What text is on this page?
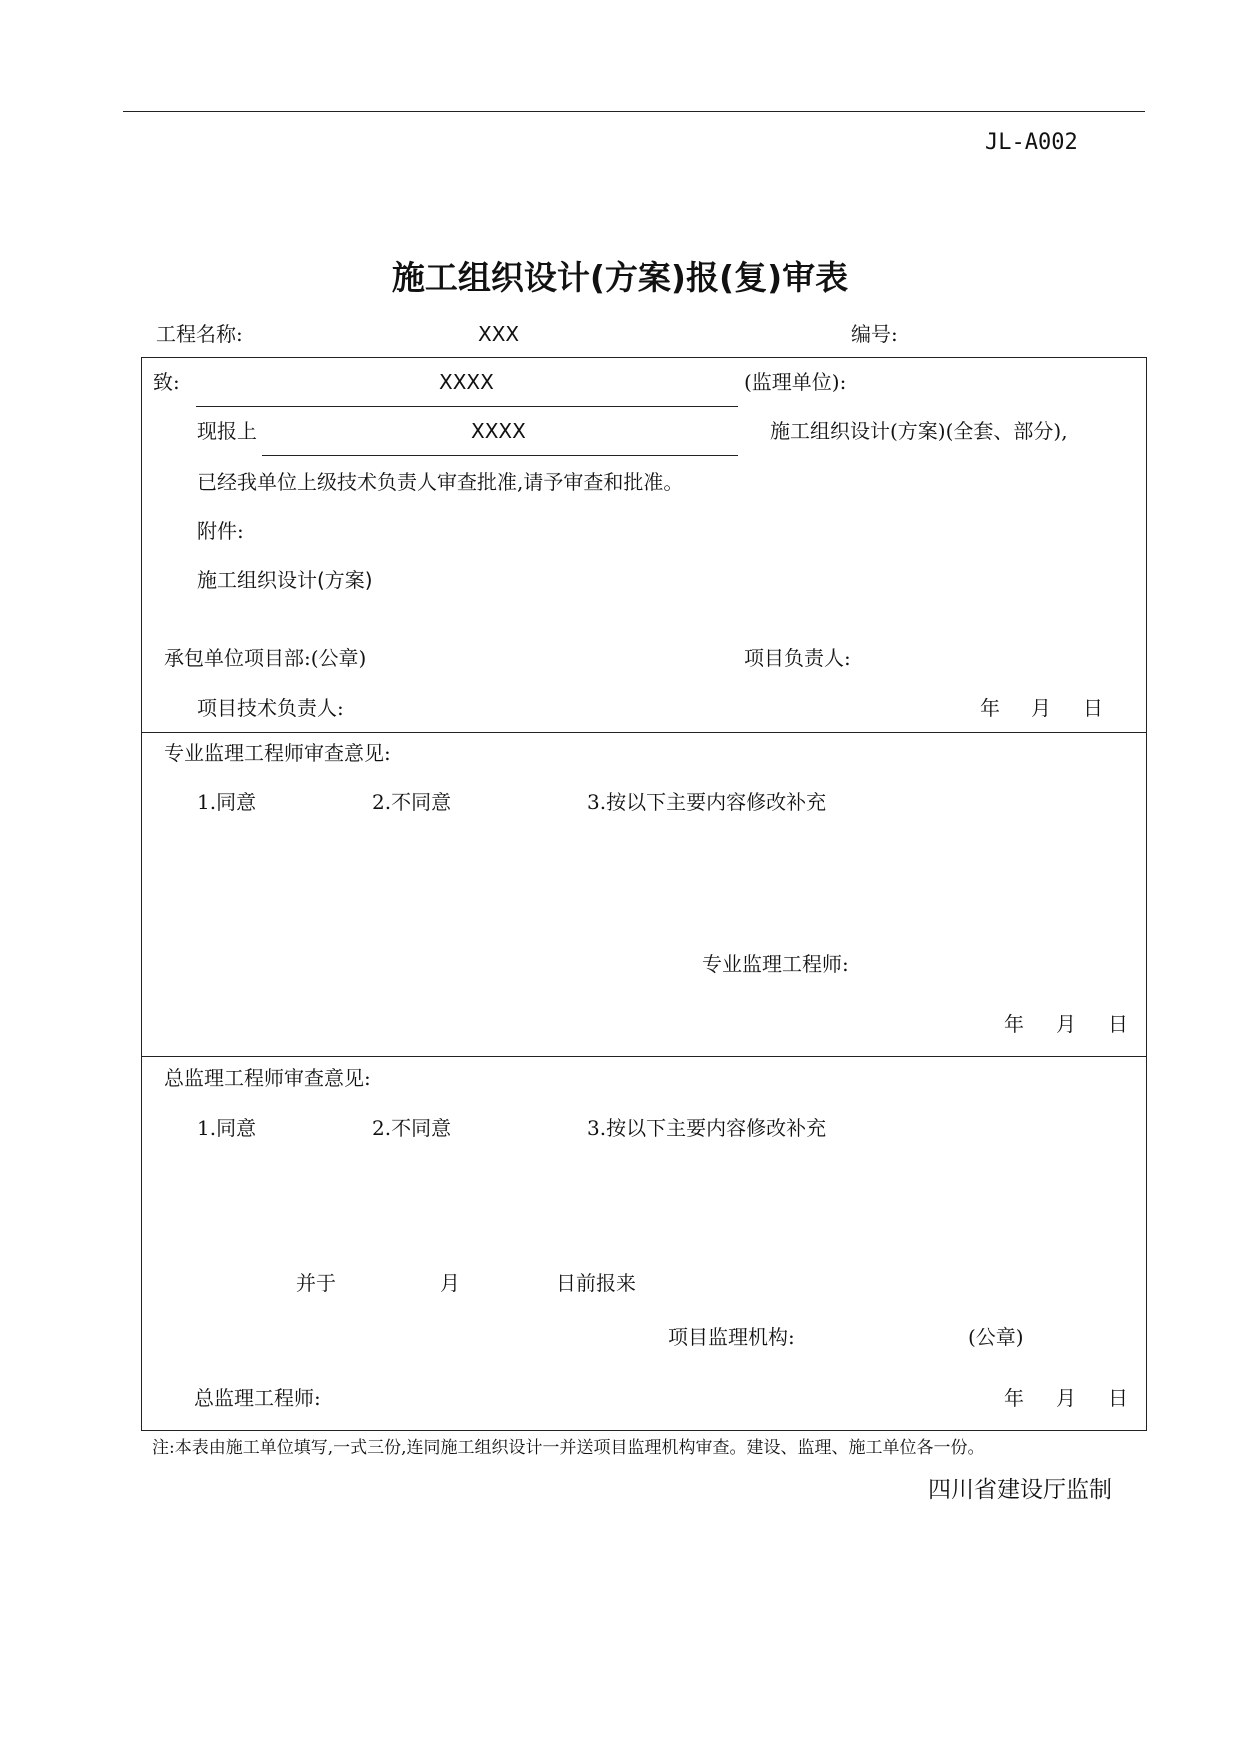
JL-A002
施工组织设计(方案)报(复)审表
工程名称:	XXX	编号:
致:	XXXX	(监理单位):
现报上	XXXX	施工组织设计(方案)(全套、部分),
已经我单位上级技术负责人审查批准,请予审查和批准。
附件:
施工组织设计(方案)
承包单位项目部:(公章)	项目负责人:
项目技术负责人:	年 月 日
专业监理工程师审查意见:
1.同意	2.不同意	3.按以下主要内容修改补充
专业监理工程师:
年 月 日
总监理工程师审查意见:
1.同意	2.不同意	3.按以下主要内容修改补充
并于	月	日前报来
项目监理机构:	(公章)
总监理工程师:	年 月 日
注:本表由施工单位填写,一式三份,连同施工组织设计一并送项目监理机构审查。建设、监理、施工单位各一份。
四川省建设厅监制
